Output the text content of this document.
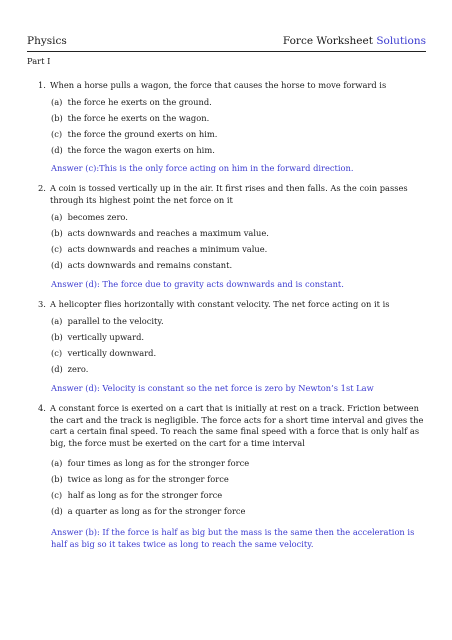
Physics	Force Worksheet Solutions
Part I
1. When a horse pulls a wagon, the force that causes the horse to move forward is
(a) the force he exerts on the ground.
(b) the force he exerts on the wagon.
(c) the force the ground exerts on him.
(d) the force the wagon exerts on him.
Answer (c):This is the only force acting on him in the forward direction.
2. A coin is tossed vertically up in the air. It first rises and then falls. As the coin passes through its highest point the net force on it
(a) becomes zero.
(b) acts downwards and reaches a maximum value.
(c) acts downwards and reaches a minimum value.
(d) acts downwards and remains constant.
Answer (d): The force due to gravity acts downwards and is constant.
3. A helicopter flies horizontally with constant velocity. The net force acting on it is
(a) parallel to the velocity.
(b) vertically upward.
(c) vertically downward.
(d) zero.
Answer (d): Velocity is constant so the net force is zero by Newton’s 1st Law
4. A constant force is exerted on a cart that is initially at rest on a track. Friction between the cart and the track is negligible. The force acts for a short time interval and gives the cart a certain final speed. To reach the same final speed with a force that is only half as big, the force must be exerted on the cart for a time interval
(a) four times as long as for the stronger force
(b) twice as long as for the stronger force
(c) half as long as for the stronger force
(d) a quarter as long as for the stronger force
Answer (b): If the force is half as big but the mass is the same then the acceleration is half as big so it takes twice as long to reach the same velocity.
